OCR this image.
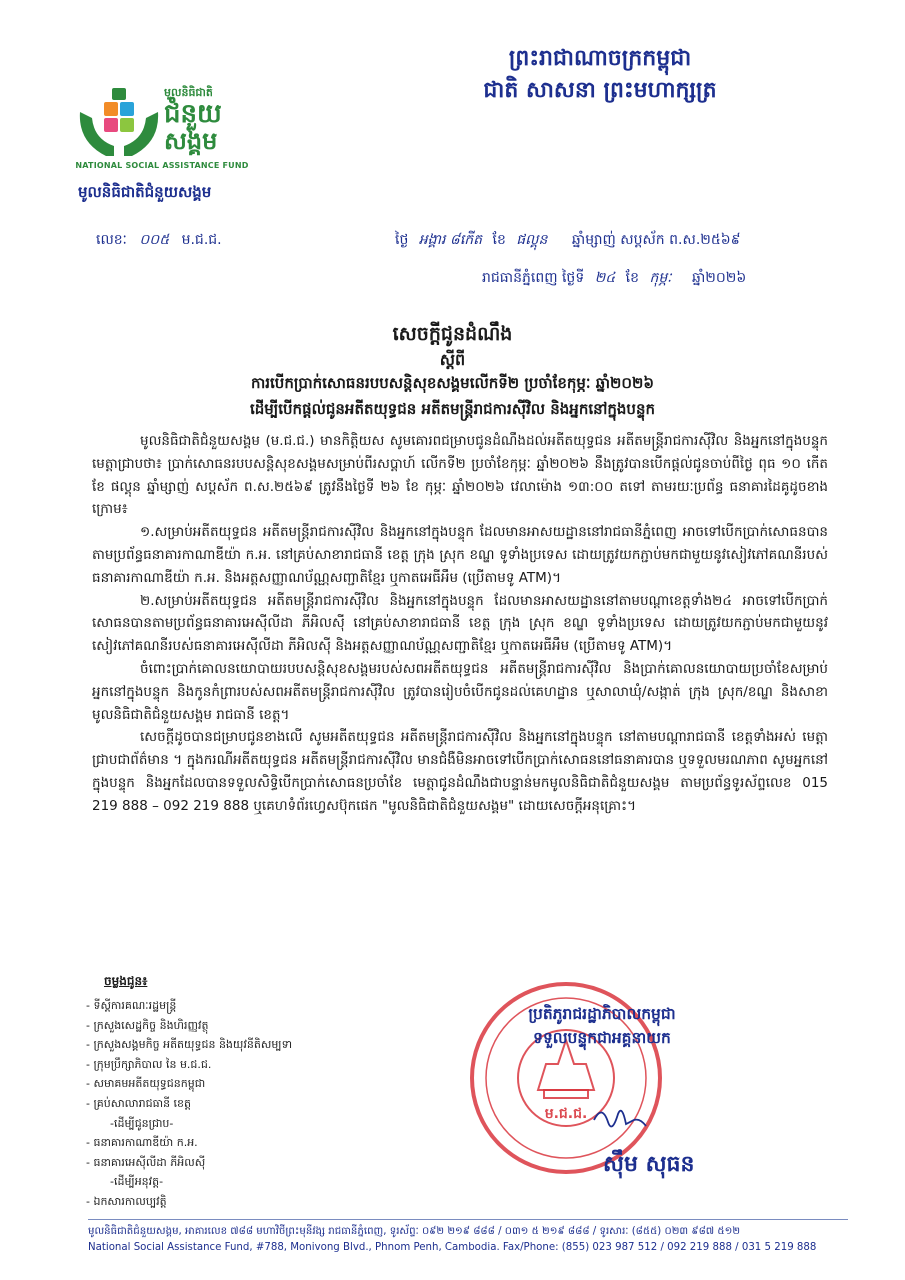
ព្រះរាជាណាចក្រកម្ពុជា
ជាតិ សាសនា ព្រះមហាក្សត្រ
មូលនិធិជាតិ
ជំនួយ
សង្គម
NATIONAL SOCIAL ASSISTANCE FUND
មូលនិធិជាតិជំនួយសង្គម
លេខៈ ០០៥ ម.ជ.ជ.	ថ្ងៃ អង្គារ ៨កើត ខែ ផល្គុន ឆ្នាំម្សាញ់ សប្តស័ក ព.ស.២៥៦៩
រាជធានីភ្នំពេញ ថ្ងៃទី ២៤ ខែ កុម្ភៈ ឆ្នាំ២០២៦
សេចក្តីជូនដំណឹង
ស្តីពី
ការបើកប្រាក់សោធនរបបសន្តិសុខសង្គមលើកទី២ ប្រចាំខែកុម្ភៈ ឆ្នាំ២០២៦
ដើម្បីបើកផ្តល់ជូនអតីតយុទ្ធជន អតីតមន្ត្រីរាជការស៊ីវិល និងអ្នកនៅក្នុងបន្ទុក

មូលនិធិជាតិជំនួយសង្គម (ម.ជ.ជ.) មានកិត្តិយស សូមគោរពជម្រាបជូនដំណឹងដល់អតីតយុទ្ធជន អតីតមន្ត្រីរាជការស៊ីវិល និងអ្នកនៅក្នុងបន្ទុក មេត្តាជ្រាបថា៖ ប្រាក់សោធនរបបសន្តិសុខសង្គមសម្រាប់ពីរសប្តាហ៍ លើកទី២ ប្រចាំខែកុម្ភៈ ឆ្នាំ២០២៦ នឹងត្រូវបានបើកផ្តល់ជូនចាប់ពីថ្ងៃ ពុធ ១០ កើត ខែ ផល្គុន ឆ្នាំម្សាញ់ សប្តស័ក ព.ស.២៥៦៩ ត្រូវនឹងថ្ងៃទី ២៦ ខែ កុម្ភៈ ឆ្នាំ២០២៦ វេលាម៉ោង ១៣:០០ តទៅ តាមរយៈប្រព័ន្ធ ធនាគារដៃគូដូចខាងក្រោម៖

១.សម្រាប់អតីតយុទ្ធជន អតីតមន្ត្រីរាជការស៊ីវិល និងអ្នកនៅក្នុងបន្ទុក ដែលមានអាសយដ្ឋាននៅរាជធានីភ្នំពេញ អាចទៅបើកប្រាក់សោធនបានតាមប្រព័ន្ធធនាគារកាណាឌីយ៉ា ក.អ. នៅគ្រប់សាខារាជធានី ខេត្ត ក្រុង ស្រុក ខណ្ឌ ទូទាំងប្រទេស ដោយត្រូវយកភ្ជាប់មកជាមួយនូវសៀវភៅគណនីរបស់ធនាគារកាណាឌីយ៉ា ក.អ. និងអត្តសញ្ញាណប័ណ្ណសញ្ជាតិខ្មែរ ឬកាតអេធីអឹម (ប្រើតាមទូ ATM)។

២.សម្រាប់អតីតយុទ្ធជន អតីតមន្ត្រីរាជការស៊ីវិល និងអ្នកនៅក្នុងបន្ទុក ដែលមានអាសយដ្ឋាននៅតាមបណ្តាខេត្តទាំង២៤ អាចទៅបើកប្រាក់សោធនបានតាមប្រព័ន្ធធនាគារអេស៊ីលីដា ភីអិលស៊ី នៅគ្រប់សាខារាជធានី ខេត្ត ក្រុង ស្រុក ខណ្ឌ ទូទាំងប្រទេស ដោយត្រូវយកភ្ជាប់មកជាមួយនូវសៀវភៅគណនីរបស់ធនាគារអេស៊ីលីដា ភីអិលស៊ី និងអត្តសញ្ញាណប័ណ្ណសញ្ជាតិខ្មែរ ឬកាតអេធីអឹម (ប្រើតាមទូ ATM)។

ចំពោះប្រាក់គោលនយោបាយរបបសន្តិសុខសង្គមរបស់សពអតីតយុទ្ធជន អតីតមន្ត្រីរាជការស៊ីវិល និងប្រាក់គោលនយោបាយប្រចាំខែសម្រាប់អ្នកនៅក្នុងបន្ទុក និងកូនកំព្រារបស់សពអតីតមន្ត្រីរាជការស៊ីវិល ត្រូវបានរៀបចំបើកជូនដល់គេហដ្ឋាន ឬសាលាឃុំ/សង្កាត់ ក្រុង ស្រុក/ខណ្ឌ និងសាខាមូលនិធិជាតិជំនួយសង្គម រាជធានី ខេត្ត។

សេចក្តីដូចបានជម្រាបជូនខាងលើ សូមអតីតយុទ្ធជន អតីតមន្ត្រីរាជការស៊ីវិល និងអ្នកនៅក្នុងបន្ទុក នៅតាមបណ្តារាជធានី ខេត្តទាំងអស់ មេត្តាជ្រាបជាព័ត៌មាន ។ ក្នុងករណីអតីតយុទ្ធជន អតីតមន្ត្រីរាជការស៊ីវិល មានជំងឺមិនអាចទៅបើកប្រាក់សោធននៅធនាគារបាន ឬទទួលមរណភាព សូមអ្នកនៅក្នុងបន្ទុក និងអ្នកដែលបានទទួលសិទ្ធិបើកប្រាក់សោធនប្រចាំខែ មេត្តាជូនដំណឹងជាបន្ទាន់មកមូលនិធិជាតិជំនួយសង្គម តាមប្រព័ន្ធទូរស័ព្ទលេខ 015 219 888 – 092 219 888 ឬគេហទំព័រហ្វេសប៊ុកផេក "មូលនិធិជាតិជំនួយសង្គម" ដោយសេចក្តីអនុគ្រោះ។

ចម្លងជូន៖
- ទីស្តីការគណៈរដ្ឋមន្ត្រី
- ក្រសួងសេដ្ឋកិច្ច និងហិរញ្ញវត្ថុ
- ក្រសួងសង្គមកិច្ច អតីតយុទ្ធជន និងយុវនីតិសម្បទា
- ក្រុមប្រឹក្សាភិបាល នៃ ម.ជ.ជ.
- សមាគមអតីតយុទ្ធជនកម្ពុជា
- គ្រប់សាលារាជធានី ខេត្ត
-ដើម្បីជូនជ្រាប-
- ធនាគារកាណាឌីយ៉ា ក.អ.
- ធនាគារអេស៊ីលីដា ភីអិលស៊ី
-ដើម្បីអនុវត្ត-
- ឯកសារកាលប្បវត្តិ
ម.ជ.ជ.
ប្រតិភូរាជរដ្ឋាភិបាលកម្ពុជា
ទទួលបន្ទុកជាអគ្គនាយក
ស៊ឹម សុធន
មូលនិធិជាតិជំនួយសង្គម, អាគារលេខ ៧៨៨ មហាវិថីព្រះមុនីវង្ស រាជធានីភ្នំពេញ, ទូរស័ព្ទៈ ០៩២ ២១៩ ៨៨៨ / ០៣១ ៥ ២១៩ ៨៨៨ / ទូរសារៈ (៨៥៥) ០២៣ ៩៨៧ ៥១២
National Social Assistance Fund, #788, Monivong Blvd., Phnom Penh, Cambodia. Fax/Phone: (855) 023 987 512 / 092 219 888 / 031 5 219 888
